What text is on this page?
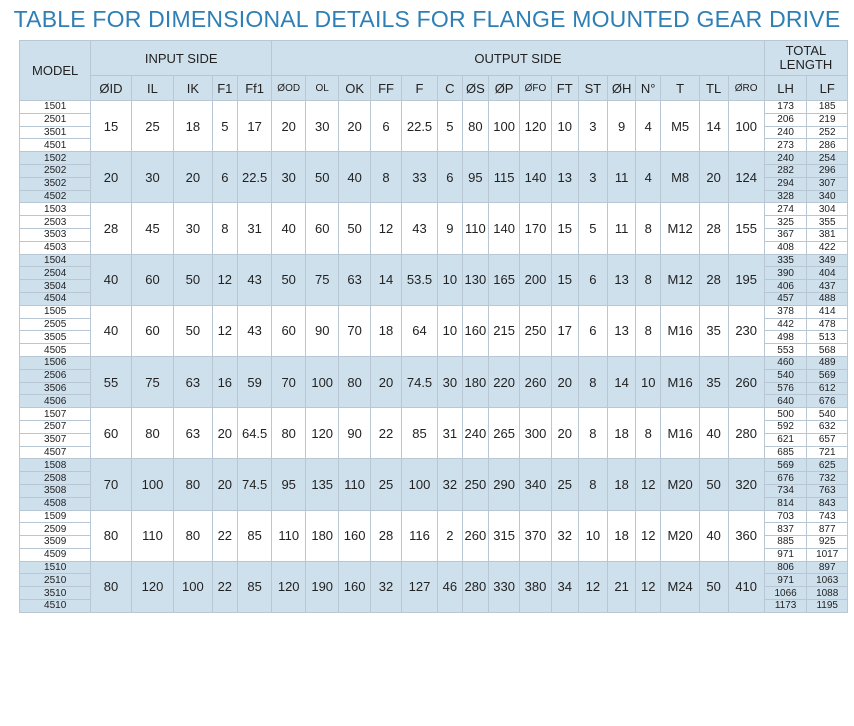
TABLE FOR DIMENSIONAL DETAILS FOR FLANGE MOUNTED GEAR DRIVE
MODEL	INPUT SIDE					OUTPUT SIDE																TOTAL LENGTH	
	ØID	IL	IK	F1	Ff1	ØOD	OL	OK	FF	F	C	ØS	ØP	ØFO	FT	ST	ØH	N°	T	TL	ØRO	LH	LF
1501	15	25	18	5	17	20	30	20	6	22.5	5	80	100	120	10	3	9	4	M5	14	100	173	185
2501																						206	219
3501																						240	252
4501																						273	286
1502	20	30	20	6	22.5	30	50	40	8	33	6	95	115	140	13	3	11	4	M8	20	124	240	254
2502																						282	296
3502																						294	307
4502																						328	340
1503	28	45	30	8	31	40	60	50	12	43	9	110	140	170	15	5	11	8	M12	28	155	274	304
2503																						325	355
3503																						367	381
4503																						408	422
1504	40	60	50	12	43	50	75	63	14	53.5	10	130	165	200	15	6	13	8	M12	28	195	335	349
2504																						390	404
3504																						406	437
4504																						457	488
1505	40	60	50	12	43	60	90	70	18	64	10	160	215	250	17	6	13	8	M16	35	230	378	414
2505																						442	478
3505																						498	513
4505																						553	568
1506	55	75	63	16	59	70	100	80	20	74.5	30	180	220	260	20	8	14	10	M16	35	260	460	489
2506																						540	569
3506																						576	612
4506																						640	676
1507	60	80	63	20	64.5	80	120	90	22	85	31	240	265	300	20	8	18	8	M16	40	280	500	540
2507																						592	632
3507																						621	657
4507																						685	721
1508	70	100	80	20	74.5	95	135	110	25	100	32	250	290	340	25	8	18	12	M20	50	320	569	625
2508																						676	732
3508																						734	763
4508																						814	843
1509	80	110	80	22	85	110	180	160	28	116	2	260	315	370	32	10	18	12	M20	40	360	703	743
2509																						837	877
3509																						885	925
4509																						971	1017
1510	80	120	100	22	85	120	190	160	32	127	46	280	330	380	34	12	21	12	M24	50	410	806	897
2510																						971	1063
3510																						1066	1088
4510																						1173	1195
